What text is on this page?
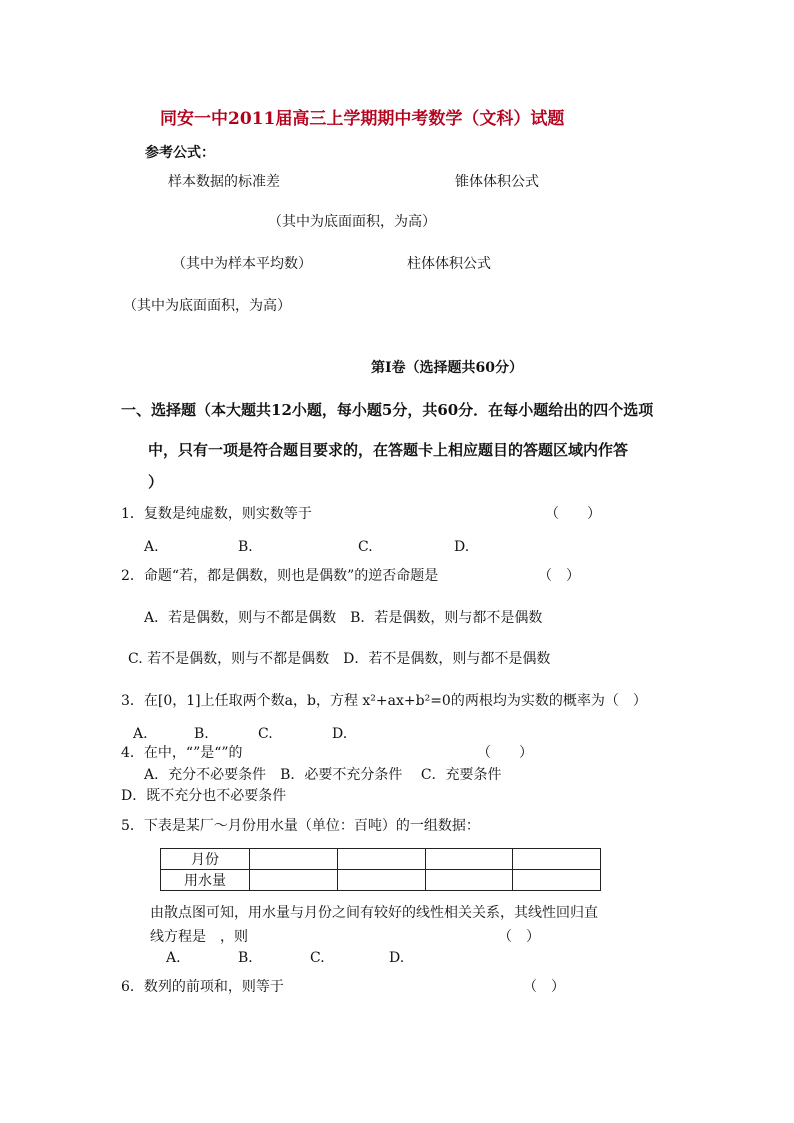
同安一中2011届高三上学期期中考数学（文科）试题
参考公式：
样本数据的标准差	锥体体积公式
（其中为底面面积，为高）
（其中为样本平均数）	柱体体积公式
（其中为底面面积，为高）
第Ⅰ卷（选择题共60分）
一、选择题（本大题共12小题，每小题5分，共60分．在每小题给出的四个选项
中，只有一项是符合题目要求的，在答题卡上相应题目的答题区域内作答
）
1．复数是纯虚数，则实数等于	（　　）
A.	B.	C.	D.
2．命题“若，都是偶数，则也是偶数”的逆否命题是	（　）
A．若是偶数，则与不都是偶数　B．若是偶数，则与都不是偶数
C. 若不是偶数，则与不都是偶数　D．若不是偶数，则与都不是偶数
3．在[0，1]上任取两个数a，b，方程 x²+ax+b²=0的两根均为实数的概率为（　）
A.	B.	C.	D.
4．在中，“”是“”的	（　　）
A．充分不必要条件　B．必要不充分条件　 C．充要条件
D．既不充分也不必要条件
5．下表是某厂～月份用水量（单位：百吨）的一组数据：
月份				
用水量				
由散点图可知，用水量与月份之间有较好的线性相关关系，其线性回归直
线方程是　，则	（　）
A.	B.	C.	D.
6．数列的前项和，则等于	（　）
